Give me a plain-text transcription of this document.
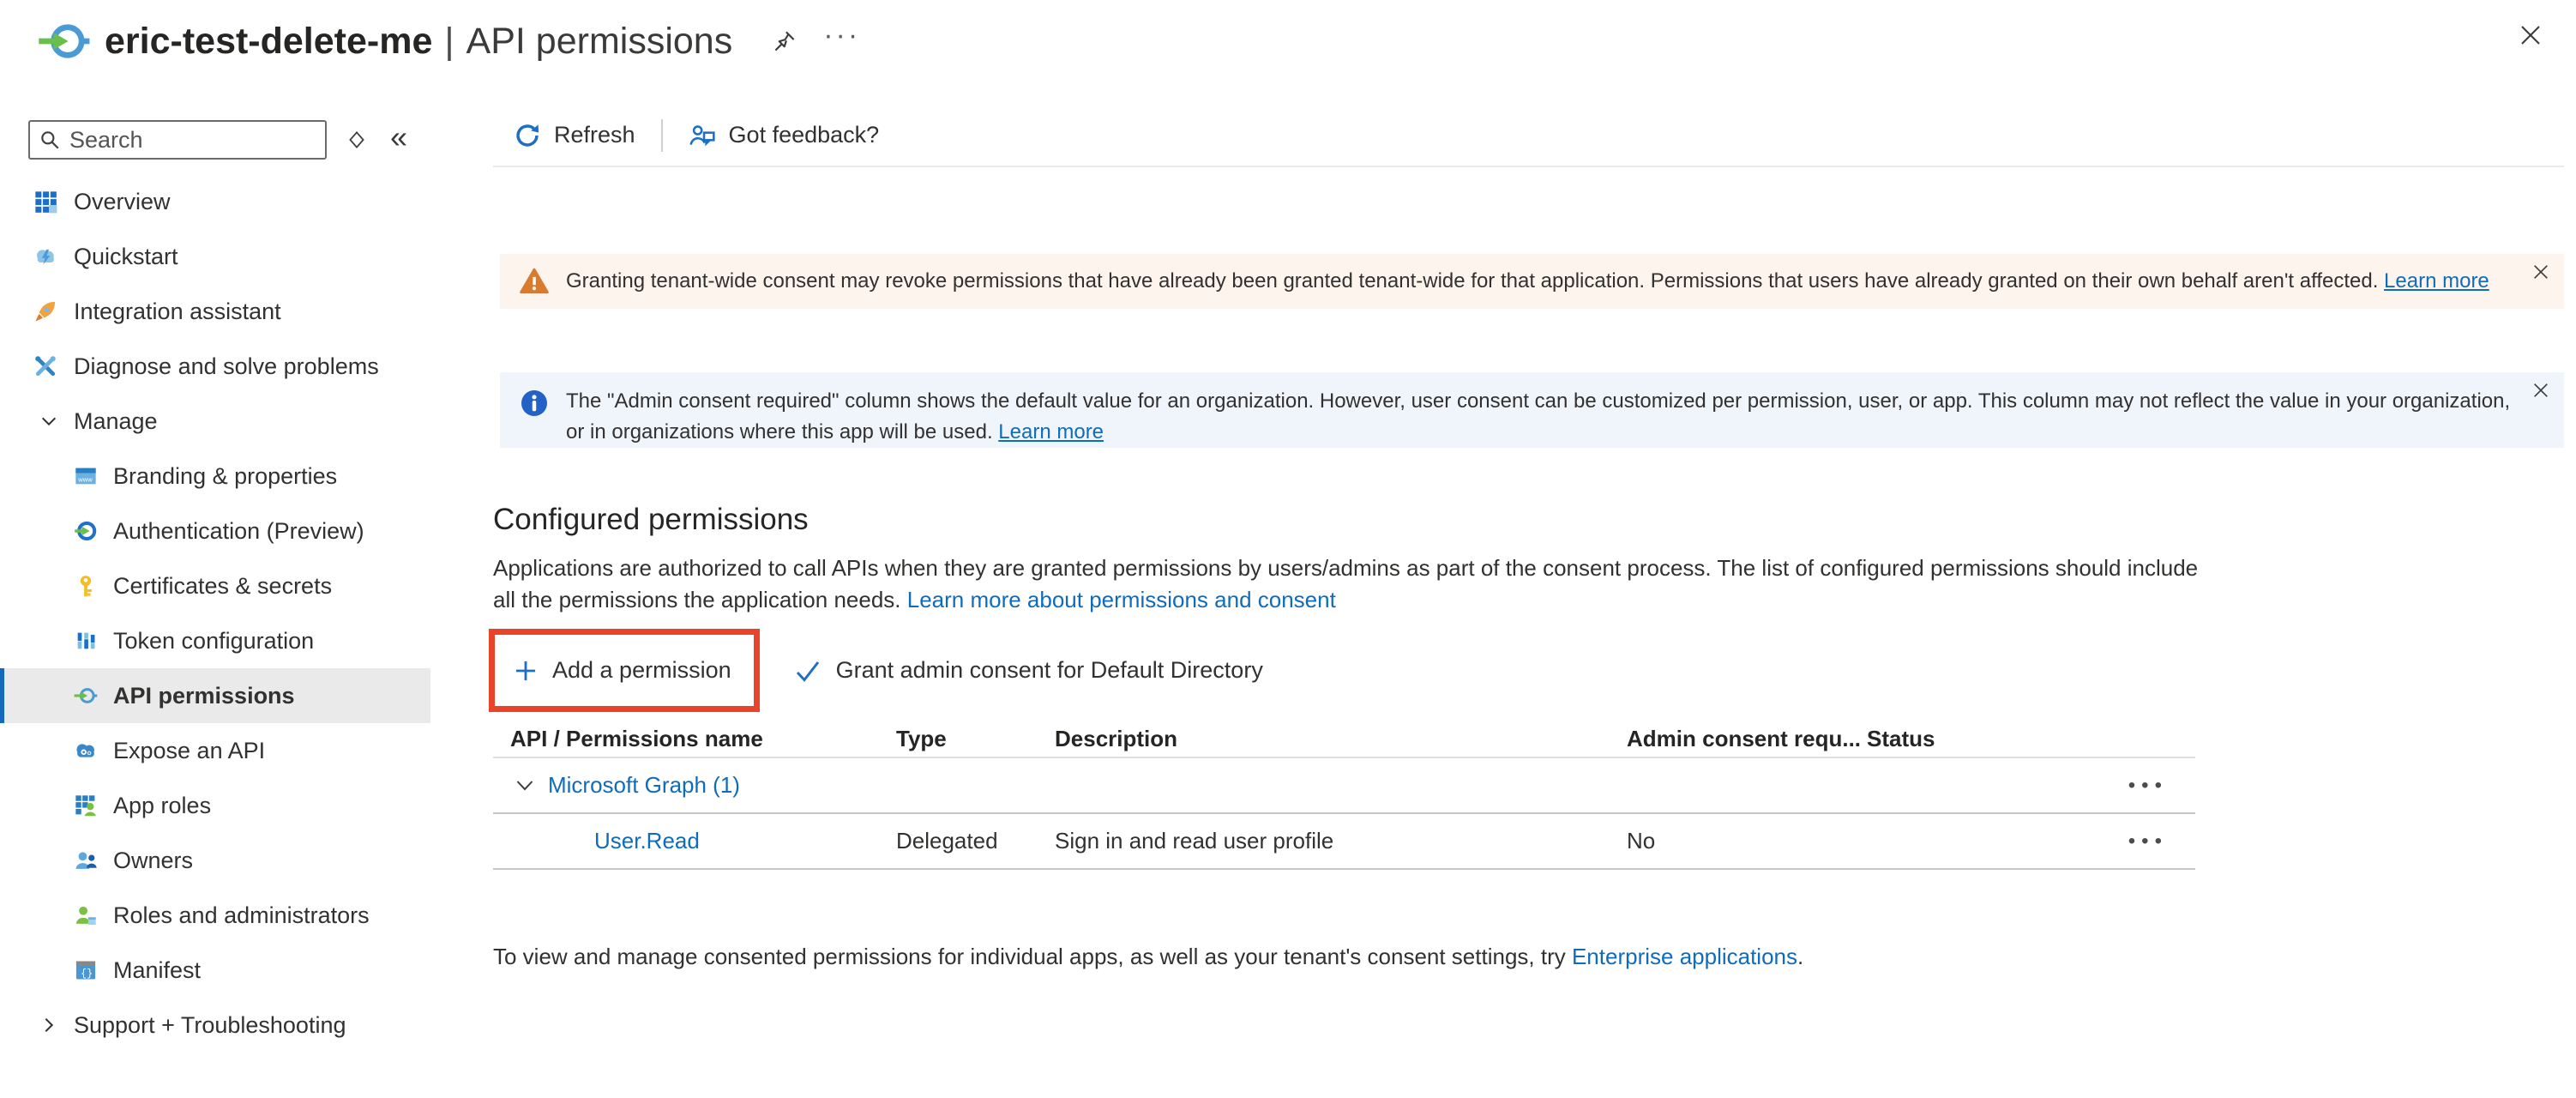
eric-test-delete-me | API permissions	···
Search
«
Overview
Quickstart
Integration assistant
Diagnose and solve problems
Manage
www Branding & properties
Authentication (Preview)
Certificates & secrets
Token configuration
API permissions
Expose an API
App roles
Owners
Roles and administrators
{} Manifest
Support + Troubleshooting
Refresh	Got feedback?
Granting tenant-wide consent may revoke permissions that have already been granted tenant-wide for that application. Permissions that users have already granted on their own behalf aren't affected. Learn more
The "Admin consent required" column shows the default value for an organization. However, user consent can be customized per permission, user, or app. This column may not reflect the value in your organization,
or in organizations where this app will be used. Learn more
Configured permissions

Applications are authorized to call APIs when they are granted permissions by users/admins as part of the consent process. The list of configured permissions should include
all the permissions the application needs. Learn more about permissions and consent

Add a permission	Grant admin consent for Default Directory
API / Permissions name	Type	Description	Admin consent requ... Status
Microsoft Graph (1)	•••
User.Read	Delegated	Sign in and read user profile	No	•••

To view and manage consented permissions for individual apps, as well as your tenant's consent settings, try Enterprise applications.
